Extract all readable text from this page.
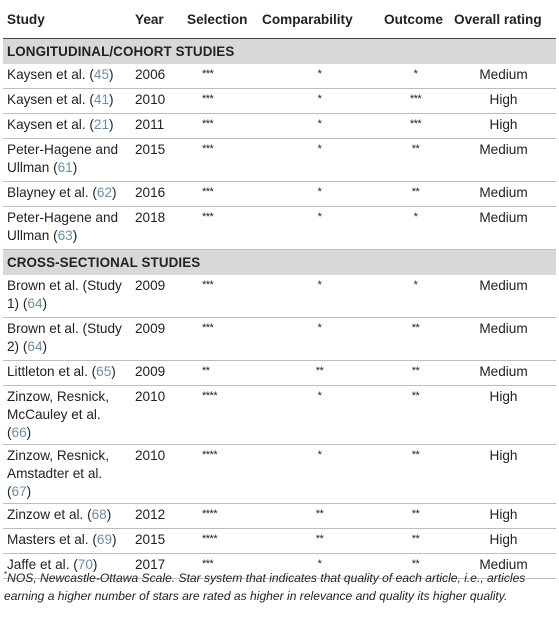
Study	Year	Selection	Comparability	Outcome	Overall rating
LONGITUDINAL/COHORT STUDIES					
Kaysen et al. (45)	2006	***	*	*	Medium
Kaysen et al. (41)	2010	***	*	***	High
Kaysen et al. (21)	2011	***	*	***	High
Peter-Hagene and Ullman (61)	2015	***	*	**	Medium
Blayney et al. (62)	2016	***	*	**	Medium
Peter-Hagene and Ullman (63)	2018	***	*	*	Medium
CROSS-SECTIONAL STUDIES					
Brown et al. (Study 1) (64)	2009	***	*	*	Medium
Brown et al. (Study 2) (64)	2009	***	*	**	Medium
Littleton et al. (65)	2009	**	**	**	Medium
Zinzow, Resnick, McCauley et al. (66)	2010	****	*	**	High
Zinzow, Resnick, Amstadter et al. (67)	2010	****	*	**	High
Zinzow et al. (68)	2012	****	**	**	High
Masters et al. (69)	2015	****	**	**	High
Jaffe et al. (70)	2017	***	*	**	Medium
*NOS, Newcastle-Ottawa Scale. Star system that indicates that quality of each article, i.e., articles earning a higher number of stars are rated as higher in relevance and quality its higher quality.
